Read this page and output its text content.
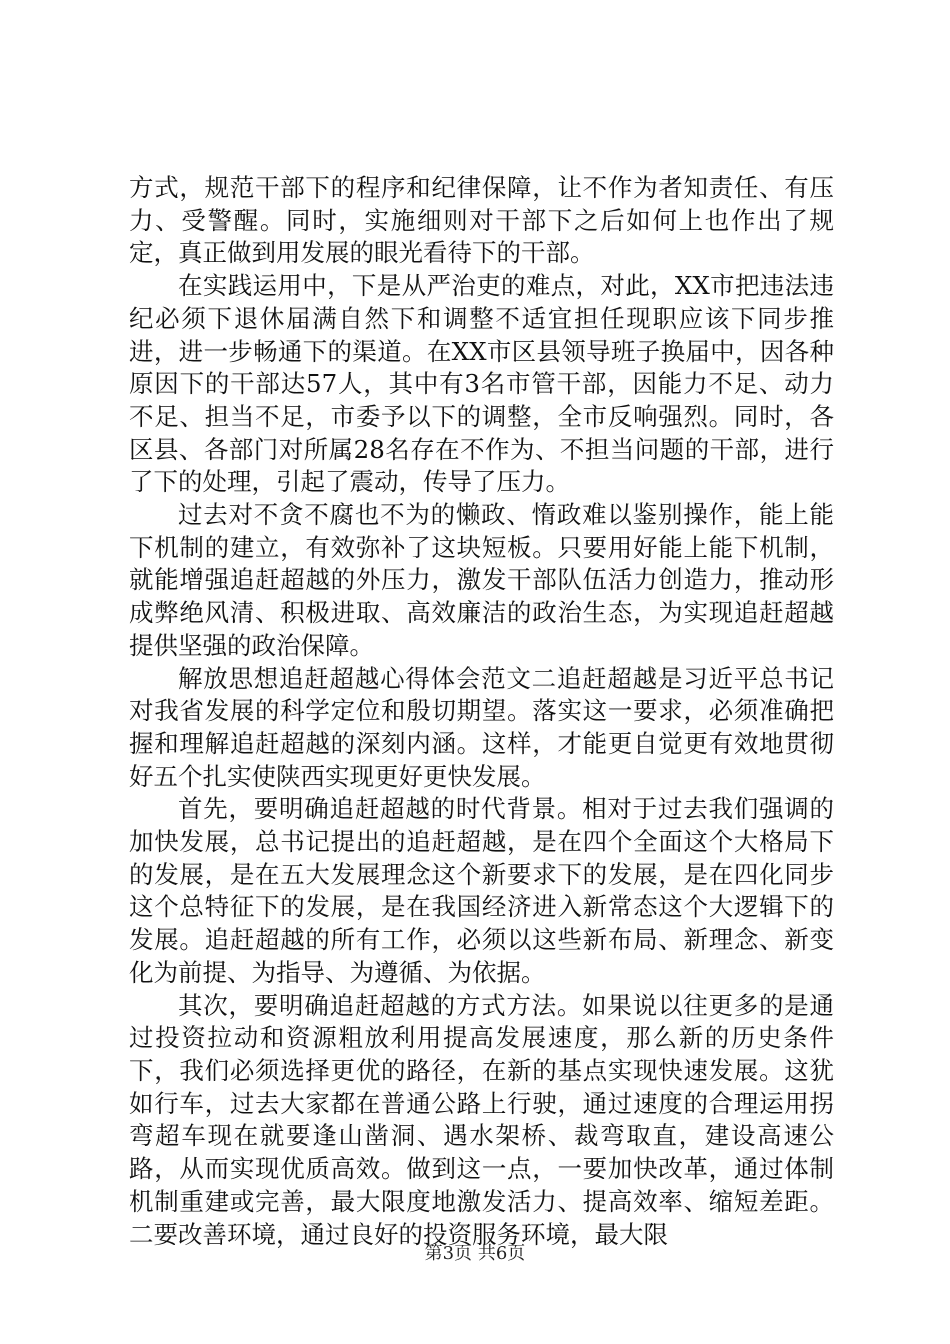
方式，规范干部下的程序和纪律保障，让不作为者知责任、有压力、受警醒。同时，实施细则对干部下之后如何上也作出了规定，真正做到用发展的眼光看待下的干部。

在实践运用中，下是从严治吏的难点，对此，XX市把违法违纪必须下退休届满自然下和调整不适宜担任现职应该下同步推进，进一步畅通下的渠道。在XX市区县领导班子换届中，因各种原因下的干部达57人，其中有3名市管干部，因能力不足、动力不足、担当不足，市委予以下的调整，全市反响强烈。同时，各区县、各部门对所属28名存在不作为、不担当问题的干部，进行了下的处理，引起了震动，传导了压力。

过去对不贪不腐也不为的懒政、惰政难以鉴别操作，能上能下机制的建立，有效弥补了这块短板。只要用好能上能下机制，就能增强追赶超越的外压力，激发干部队伍活力创造力，推动形成弊绝风清、积极进取、高效廉洁的政治生态，为实现追赶超越提供坚强的政治保障。

解放思想追赶超越心得体会范文二追赶超越是习近平总书记对我省发展的科学定位和殷切期望。落实这一要求，必须准确把握和理解追赶超越的深刻内涵。这样，才能更自觉更有效地贯彻好五个扎实使陕西实现更好更快发展。

首先，要明确追赶超越的时代背景。相对于过去我们强调的加快发展，总书记提出的追赶超越，是在四个全面这个大格局下的发展，是在五大发展理念这个新要求下的发展，是在四化同步这个总特征下的发展，是在我国经济进入新常态这个大逻辑下的发展。追赶超越的所有工作，必须以这些新布局、新理念、新变化为前提、为指导、为遵循、为依据。

其次，要明确追赶超越的方式方法。如果说以往更多的是通过投资拉动和资源粗放利用提高发展速度，那么新的历史条件下，我们必须选择更优的路径，在新的基点实现快速发展。这犹如行车，过去大家都在普通公路上行驶，通过速度的合理运用拐弯超车现在就要逢山凿洞、遇水架桥、裁弯取直，建设高速公路，从而实现优质高效。做到这一点，一要加快改革，通过体制机制重建或完善，最大限度地激发活力、提高效率、缩短差距。二要改善环境，通过良好的投资服务环境，最大限

第3页 共6页
